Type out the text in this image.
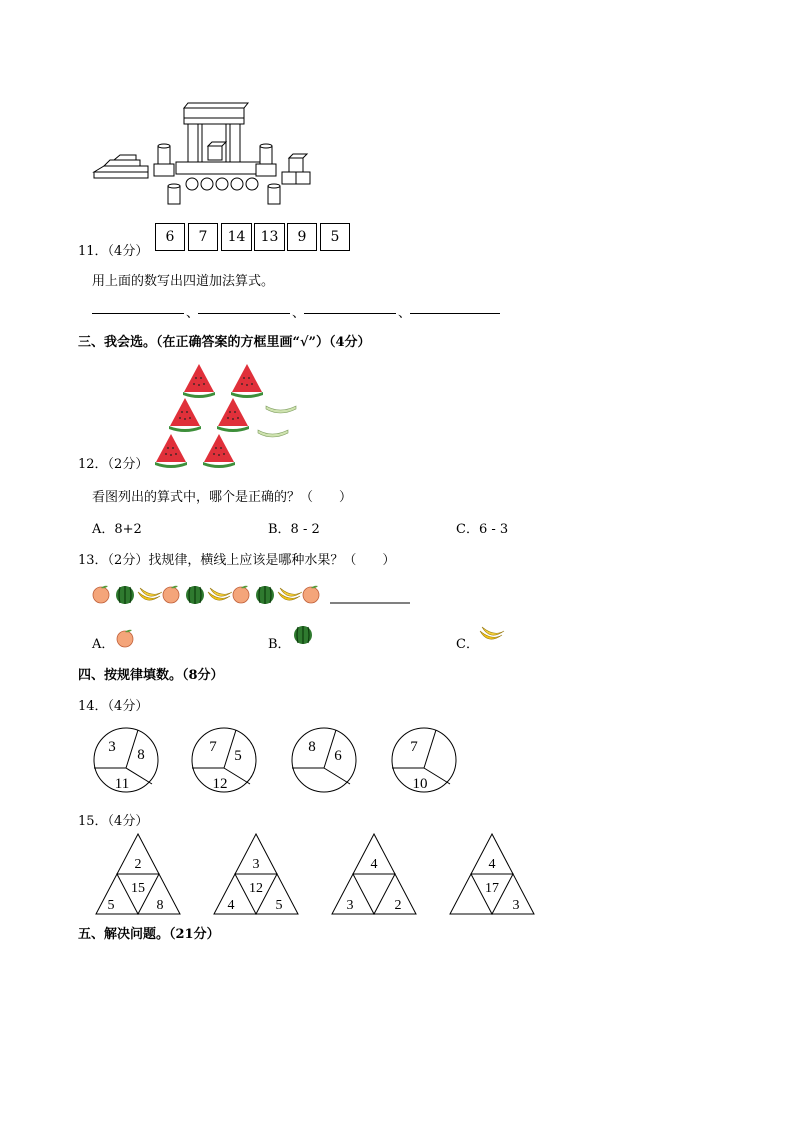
11．（4分）
6	7	14	13	9	5
用上面的数写出四道加法算式。
、	、	、
三、我会选。（在正确答案的方框里画“√”）（4分）
12．（2分）
看图列出的算式中，哪个是正确的？（　　）
A．8+2	B．8 - 2	C．6 - 3
13．（2分）找规律，横线上应该是哪种水果？（　　）
A．	B．	C．
四、按规律填数。（8分）
14．（4分）
3 8
11
7
5
12
8
6
7
10
15．（4分）
2
15
5	8
3
12
4	5
4
3	2
4
17
3
五、解决问题。（21分）
